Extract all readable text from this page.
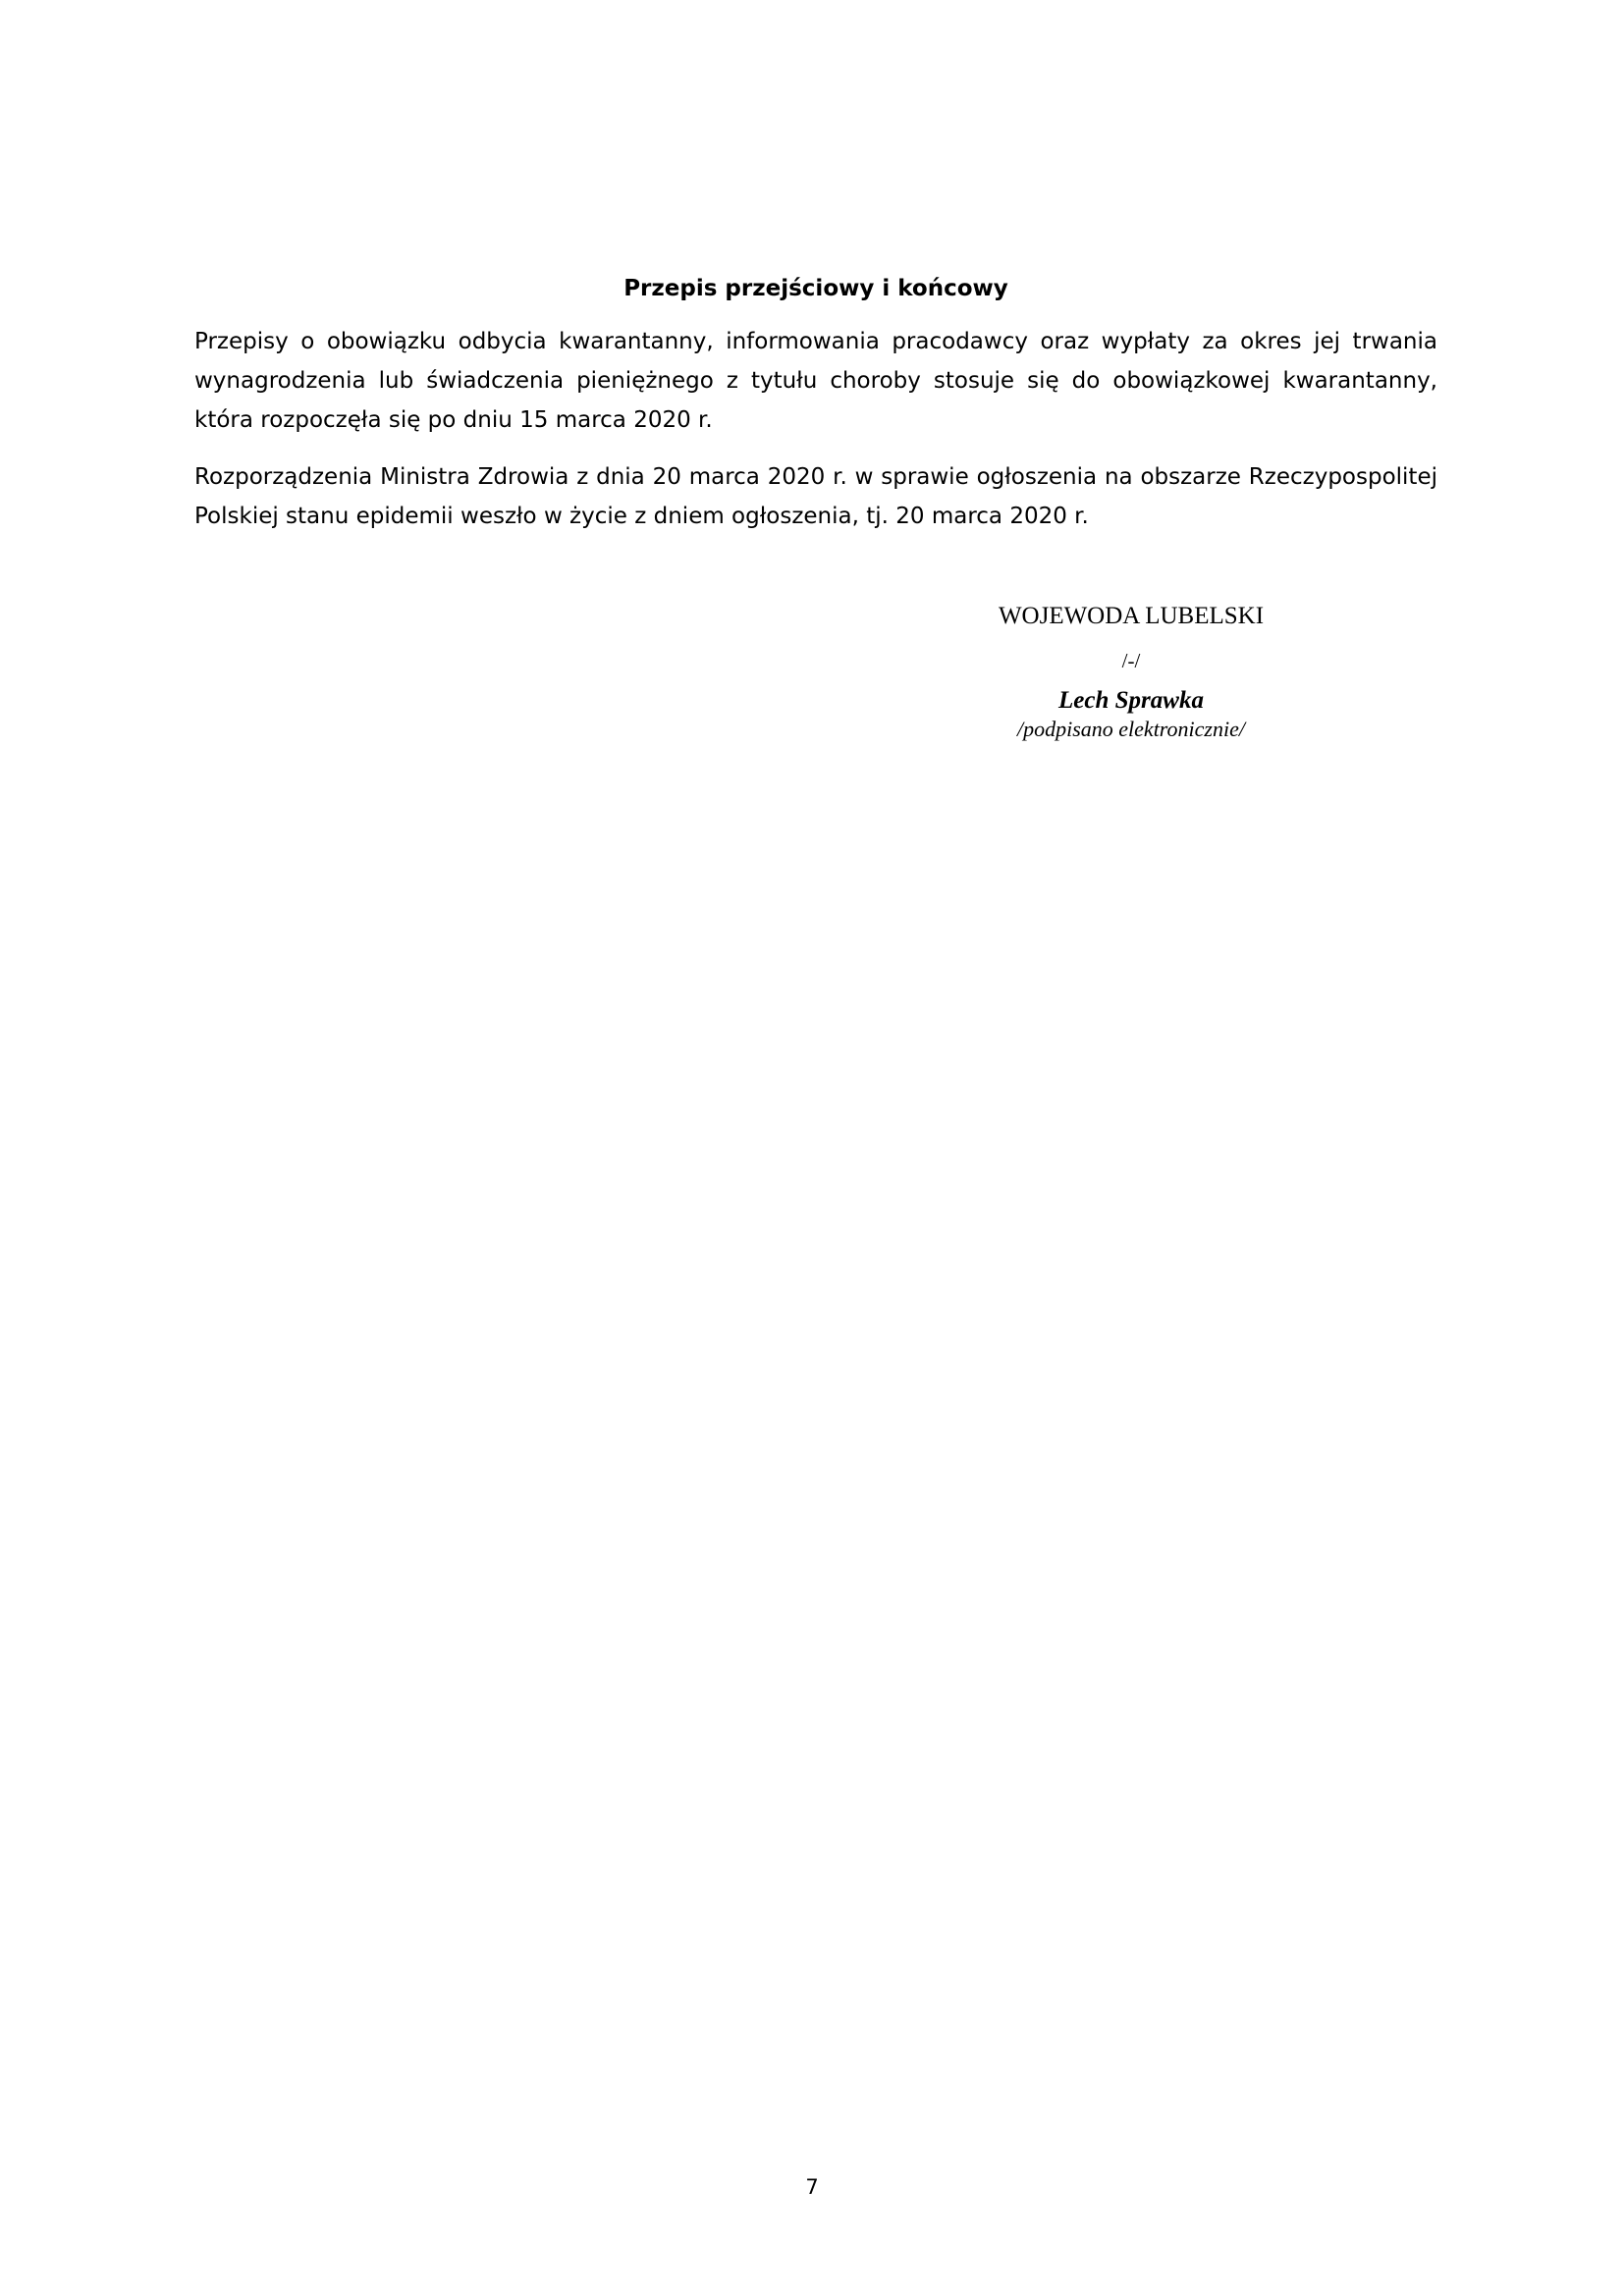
Przepis przejściowy i końcowy

Przepisy o obowiązku odbycia kwarantanny, informowania pracodawcy oraz wypłaty za okres jej trwania wynagrodzenia lub świadczenia pieniężnego z tytułu choroby stosuje się do obowiązkowej kwarantanny, która rozpoczęła się po dniu 15 marca 2020 r.

Rozporządzenia Ministra Zdrowia z dnia 20 marca 2020 r. w sprawie ogłoszenia na obszarze Rzeczypospolitej Polskiej stanu epidemii weszło w życie z dniem ogłoszenia, tj. 20 marca 2020 r.

WOJEWODA LUBELSKI
/-/
Lech Sprawka
/podpisano elektronicznie/
7
